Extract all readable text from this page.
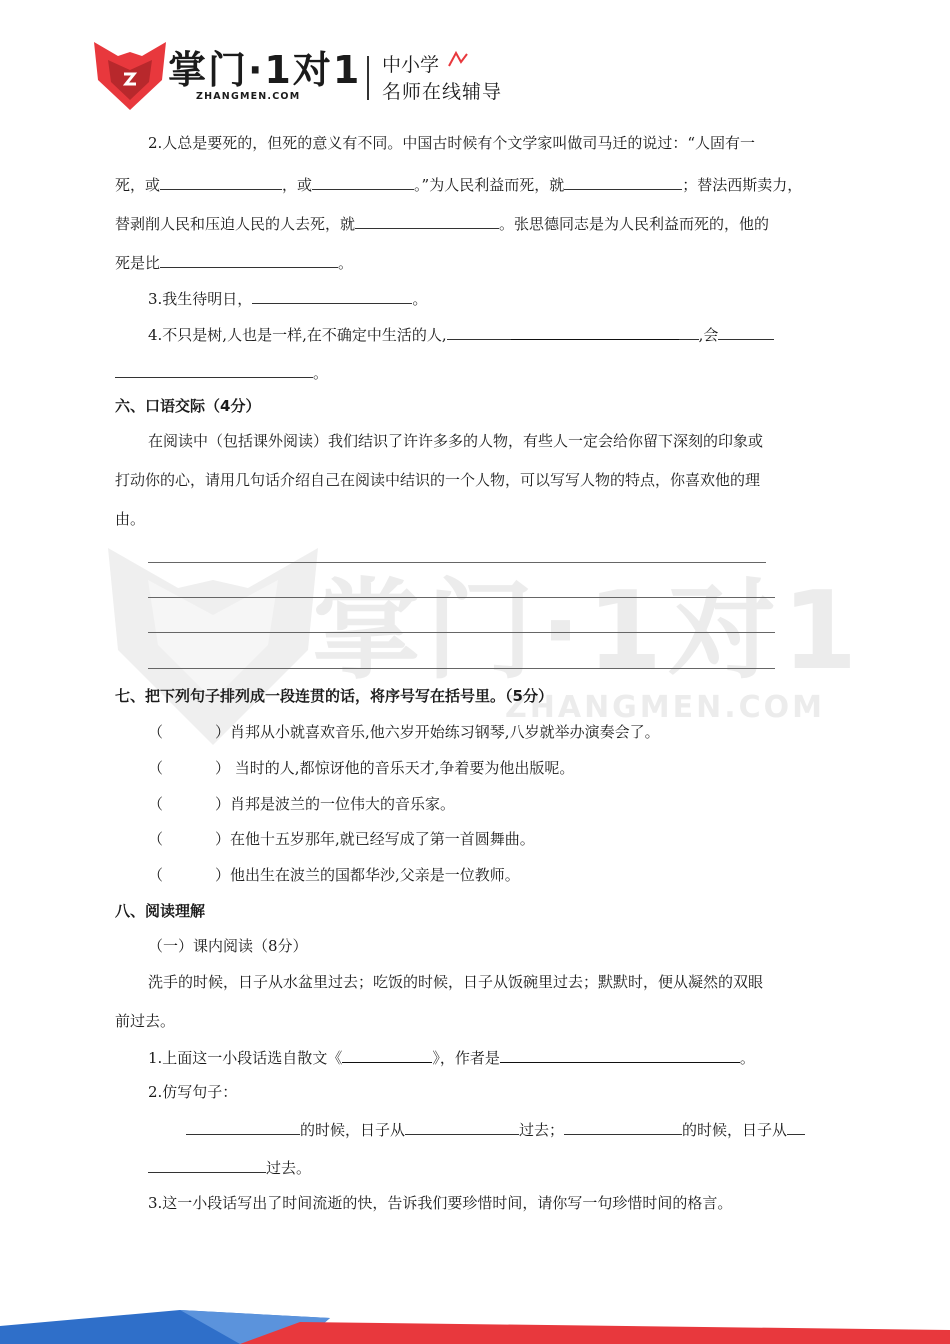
掌门·1对1
ZHANGMEN.COM
掌门·1对1
ZHANGMEN.COM
中小学
名师在线辅导
2.人总是要死的，但死的意义有不同。中国古时候有个文学家叫做司马迁的说过：“人固有一
死，或	，或	。”为人民利益而死，就	；替法西斯卖力，
替剥削人民和压迫人民的人去死，就	。张思德同志是为人民利益而死的，他的
死是比	。
3.我生待明日，	。
4.不只是树,人也是一样,在不确定中生活的人,	,会
。
六、口语交际（4分）
在阅读中（包括课外阅读）我们结识了许许多多的人物，有些人一定会给你留下深刻的印象或
打动你的心，请用几句话介绍自己在阅读中结识的一个人物，可以写写人物的特点，你喜欢他的理
由。
七、把下列句子排列成一段连贯的话，将序号写在括号里。（5分）
（	）肖邦从小就喜欢音乐,他六岁开始练习钢琴,八岁就举办演奏会了。
（	） 当时的人,都惊讶他的音乐天才,争着要为他出版呢。
（	）肖邦是波兰的一位伟大的音乐家。
（	）在他十五岁那年,就已经写成了第一首圆舞曲。
（	）他出生在波兰的国都华沙,父亲是一位教师。
八、阅读理解
（一）课内阅读（8分）
洗手的时候，日子从水盆里过去；吃饭的时候，日子从饭碗里过去；默默时，便从凝然的双眼
前过去。
1.上面这一小段话选自散文《	》，作者是	。
2.仿写句子：
的时候，日子从	过去；	的时候，日子从
过去。
3.这一小段话写出了时间流逝的快，告诉我们要珍惜时间，请你写一句珍惜时间的格言。
